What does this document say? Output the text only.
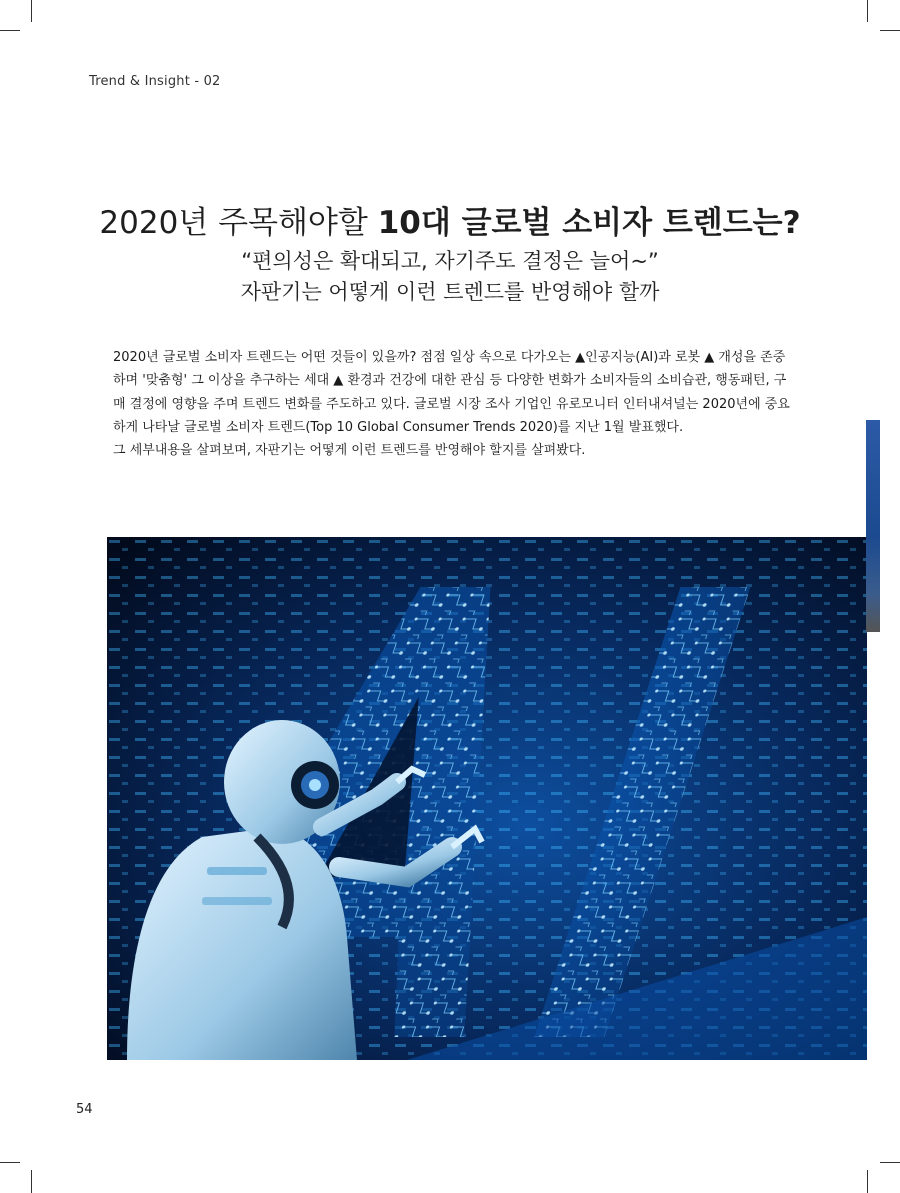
Trend & Insight - 02
2020년 주목해야할 10대 글로벌 소비자 트렌드는?
“편의성은 확대되고, 자기주도 결정은 늘어~”
자판기는 어떻게 이런 트렌드를 반영해야 할까

2020년 글로벌 소비자 트렌드는 어떤 것들이 있을까? 점점 일상 속으로 다가오는 ▲인공지능(AI)과 로봇 ▲ 개성을 존중하며 '맞춤형' 그 이상을 추구하는 세대 ▲ 환경과 건강에 대한 관심 등 다양한 변화가 소비자들의 소비습관, 행동패턴, 구매 결정에 영향을 주며 트렌드 변화를 주도하고 있다. 글로벌 시장 조사 기업인 유로모니터 인터내셔널는 2020년에 중요하게 나타날 글로벌 소비자 트렌드(Top 10 Global Consumer Trends 2020)를 지난 1월 발표했다.

그 세부내용을 살펴보며, 자판기는 어떻게 이런 트렌드를 반영해야 할지를 살펴봤다.

54
